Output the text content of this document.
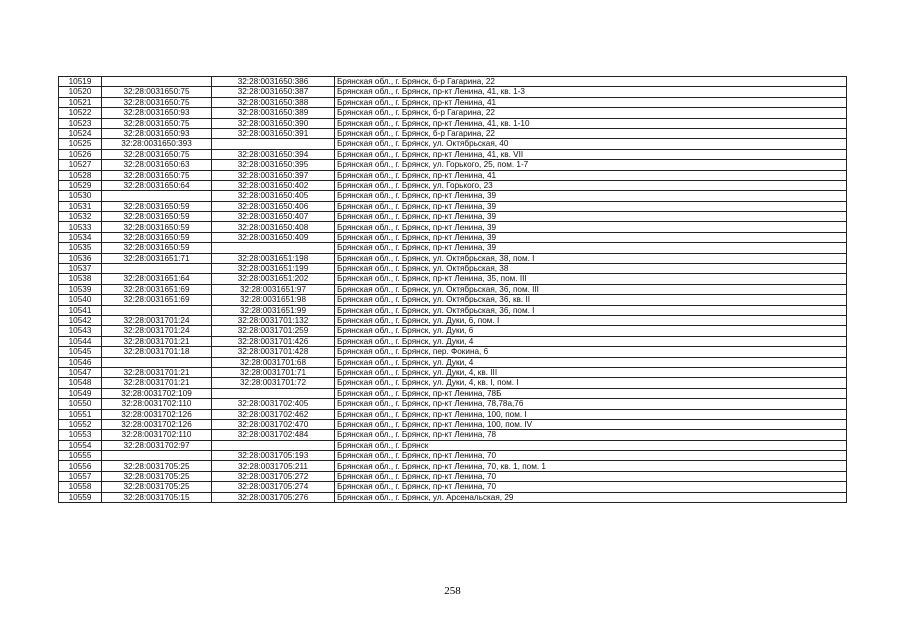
10519		32:28:0031650:386	Брянская обл., г. Брянск, б-р Гагарина, 22
10520	32:28:0031650:75	32:28:0031650:387	Брянская обл., г. Брянск, пр-кт Ленина, 41, кв. 1-3
10521	32:28:0031650:75	32:28:0031650:388	Брянская обл., г. Брянск, пр-кт Ленина, 41
10522	32:28:0031650:93	32:28:0031650:389	Брянская обл., г. Брянск, б-р Гагарина, 22
10523	32:28:0031650:75	32:28:0031650:390	Брянская обл., г. Брянск, пр-кт Ленина, 41, кв. 1-10
10524	32:28:0031650:93	32:28:0031650:391	Брянская обл., г. Брянск, б-р Гагарина, 22
10525	32:28:0031650:393		Брянская обл., г. Брянск, ул. Октябрьская, 40
10526	32:28:0031650:75	32:28:0031650:394	Брянская обл., г. Брянск, пр-кт Ленина, 41, кв. VII
10527	32:28:0031650:63	32:28:0031650:395	Брянская обл., г. Брянск, ул. Горького, 25, пом. 1-7
10528	32:28:0031650:75	32:28:0031650:397	Брянская обл., г. Брянск, пр-кт Ленина, 41
10529	32:28:0031650:64	32:28:0031650:402	Брянская обл., г. Брянск, ул. Горького, 23
10530		32:28:0031650:405	Брянская обл., г. Брянск, пр-кт Ленина, 39
10531	32:28:0031650:59	32:28:0031650:406	Брянская обл., г. Брянск, пр-кт Ленина, 39
10532	32:28:0031650:59	32:28:0031650:407	Брянская обл., г. Брянск, пр-кт Ленина, 39
10533	32:28:0031650:59	32:28:0031650:408	Брянская обл., г. Брянск, пр-кт Ленина, 39
10534	32:28:0031650:59	32:28:0031650:409	Брянская обл., г. Брянск, пр-кт Ленина, 39
10535	32:28:0031650:59		Брянская обл., г. Брянск, пр-кт Ленина, 39
10536	32:28:0031651:71	32:28:0031651:198	Брянская обл., г. Брянск, ул. Октябрьская, 38, пом. I
10537		32:28:0031651:199	Брянская обл., г. Брянск, ул. Октябрьская, 38
10538	32:28:0031651:64	32:28:0031651:202	Брянская обл., г. Брянск, пр-кт Ленина, 35, пом. III
10539	32:28:0031651:69	32:28:0031651:97	Брянская обл., г. Брянск, ул. Октябрьская, 36, пом. III
10540	32:28:0031651:69	32:28:0031651:98	Брянская обл., г. Брянск, ул. Октябрьская, 36, кв. II
10541		32:28:0031651:99	Брянская обл., г. Брянск, ул. Октябрьская, 36, пом. I
10542	32:28:0031701:24	32:28:0031701:132	Брянская обл., г. Брянск, ул. Дуки, 6, пом. I
10543	32:28:0031701:24	32:28:0031701:259	Брянская обл., г. Брянск, ул. Дуки, 6
10544	32:28:0031701:21	32:28:0031701:426	Брянская обл., г. Брянск, ул. Дуки, 4
10545	32:28:0031701:18	32:28:0031701:428	Брянская обл., г. Брянск, пер. Фокина, 6
10546		32:28:0031701:68	Брянская обл., г. Брянск, ул. Дуки, 4
10547	32:28:0031701:21	32:28:0031701:71	Брянская обл., г. Брянск, ул. Дуки, 4, кв. III
10548	32:28:0031701:21	32:28:0031701:72	Брянская обл., г. Брянск, ул. Дуки, 4, кв. I, пом. I
10549	32:28:0031702:109		Брянская обл., г. Брянск, пр-кт Ленина, 78Б
10550	32:28:0031702:110	32:28:0031702:405	Брянская обл., г. Брянск, пр-кт Ленина, 78,78а,76
10551	32:28:0031702:126	32:28:0031702:462	Брянская обл., г. Брянск, пр-кт Ленина, 100, пом. I
10552	32:28:0031702:126	32:28:0031702:470	Брянская обл., г. Брянск, пр-кт Ленина, 100, пом. IV
10553	32:28:0031702:110	32:28:0031702:484	Брянская обл., г. Брянск, пр-кт Ленина, 78
10554	32:28:0031702:97		Брянская обл., г. Брянск
10555		32:28:0031705:193	Брянская обл., г. Брянск, пр-кт Ленина, 70
10556	32:28:0031705:25	32:28:0031705:211	Брянская обл., г. Брянск, пр-кт Ленина, 70, кв. 1, пом. 1
10557	32:28:0031705:25	32:28:0031705:272	Брянская обл., г. Брянск, пр-кт Ленина, 70
10558	32:28:0031705:25	32:28:0031705:274	Брянская обл., г. Брянск, пр-кт Ленина, 70
10559	32:28:0031705:15	32:28:0031705:276	Брянская обл., г. Брянск, ул. Арсенальская, 29
258
